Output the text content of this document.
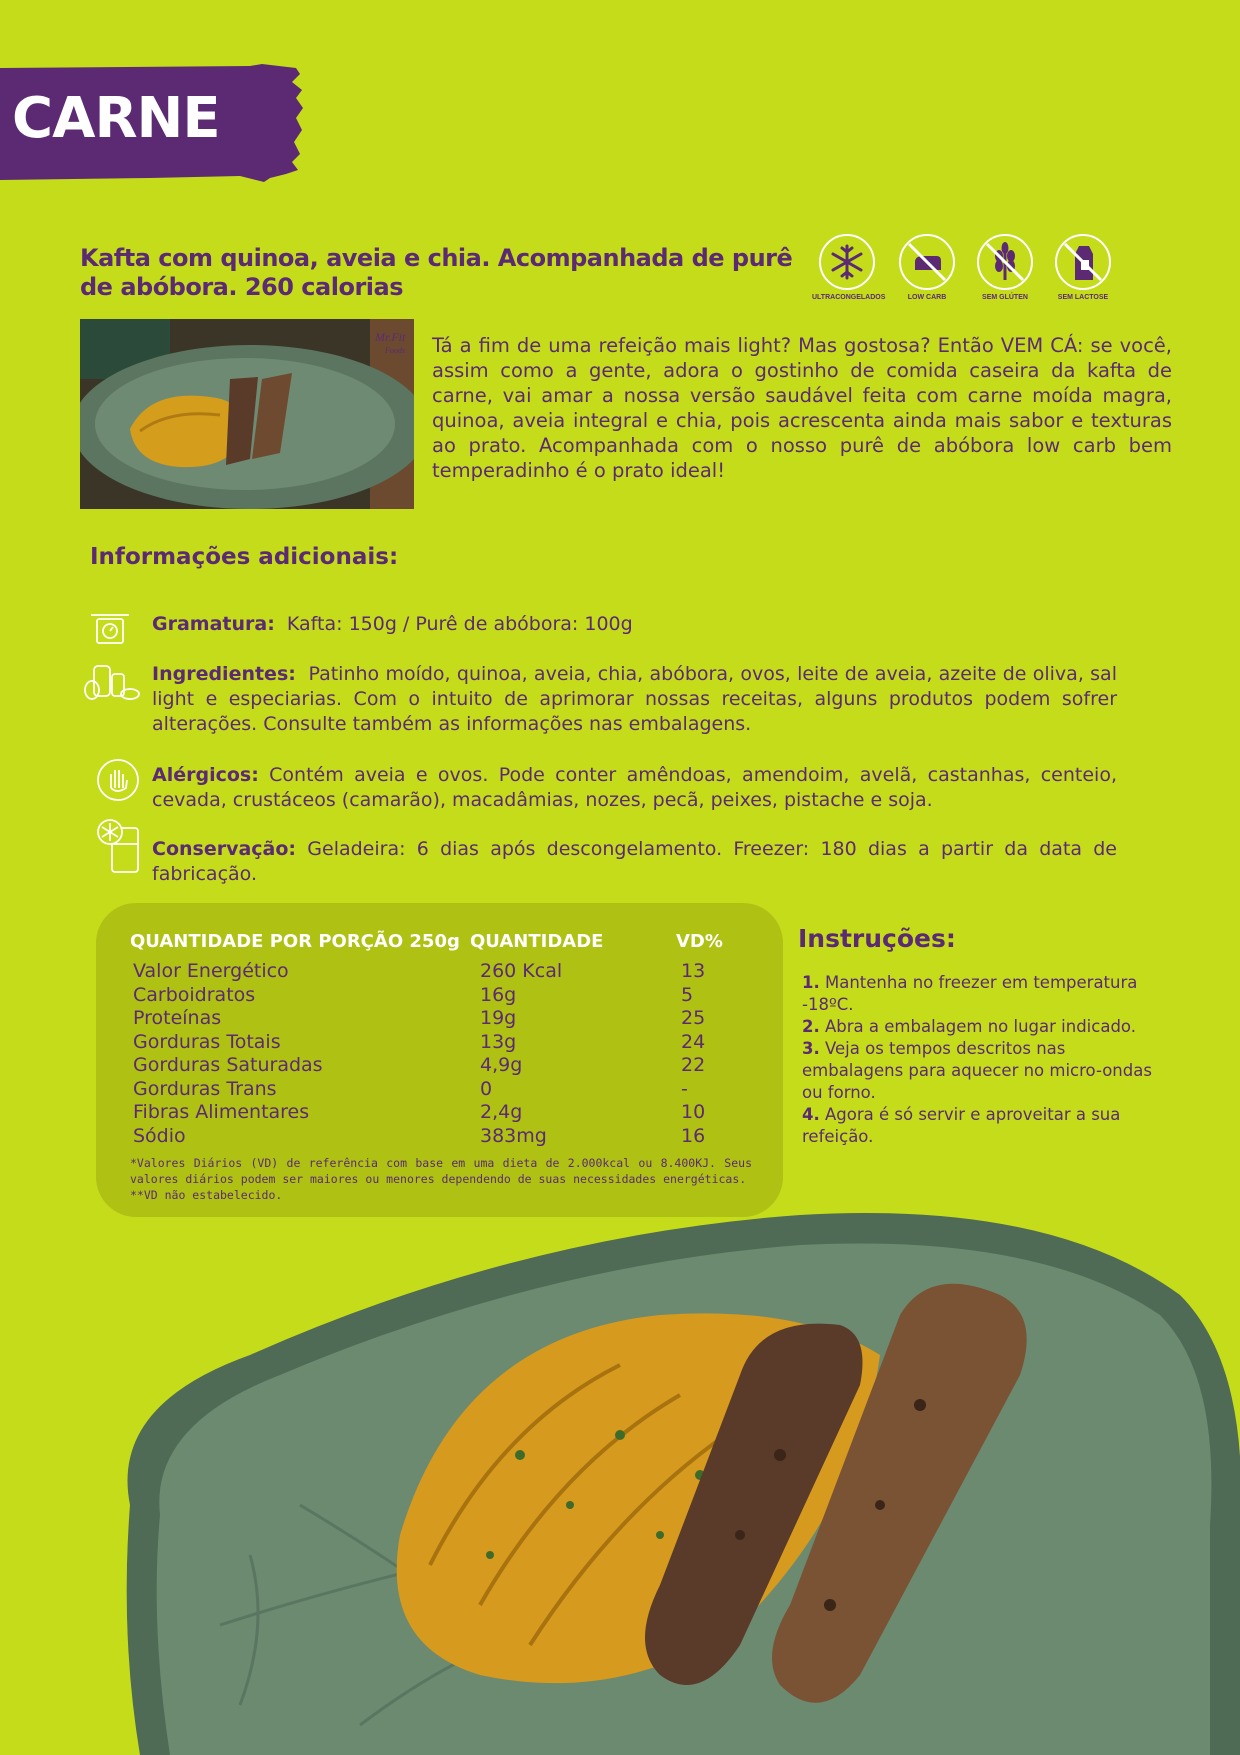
CARNE
Kafta com quinoa, aveia e chia. Acompanhada de purê de abóbora. 260 calorias	ULTRACONGELADOS	LOW CARB	SEM GLÚTEN	SEM LACTOSE
Mr.Fit
Foods Tá a fim de uma refeição mais light? Mas gostosa? Então VEM CÁ: se você, assim como a gente, adora o gostinho de comida caseira da kafta de carne, vai amar a nossa versão saudável feita com carne moída magra, quinoa, aveia integral e chia, pois acrescenta ainda mais sabor e texturas ao prato. Acompanhada com o nosso purê de abóbora low carb bem temperadinho é o prato ideal!
Informações adicionais:
Gramatura: Kafta: 150g / Purê de abóbora: 100g
Ingredientes: Patinho moído, quinoa, aveia, chia, abóbora, ovos, leite de aveia, azeite de oliva, sal light e especiarias. Com o intuito de aprimorar nossas receitas, alguns produtos podem sofrer alterações. Consulte também as informações nas embalagens.
Alérgicos: Contém aveia e ovos. Pode conter amêndoas, amendoim, avelã, castanhas, centeio, cevada, crustáceos (camarão), macadâmias, nozes, pecã, peixes, pistache e soja.
Conservação: Geladeira: 6 dias após descongelamento. Freezer: 180 dias a partir da data de fabricação.
QUANTIDADE POR PORÇÃO 250g QUANTIDADE	VD%
Valor Energético	260 Kcal	13
Carboidratos	16g	5
Proteínas	19g	25
Gorduras Totais	13g	24
Gorduras Saturadas	4,9g	22
Gorduras Trans	0	-
Fibras Alimentares	2,4g	10
Sódio	383mg	16
*Valores Diários (VD) de referência com base em uma dieta de 2.000kcal ou 8.400KJ. Seus valores diários podem ser maiores ou menores dependendo de suas necessidades energéticas.
**VD não estabelecido.
Instruções:
1. Mantenha no freezer em temperatura -18ºC.
2. Abra a embalagem no lugar indicado.
3. Veja os tempos descritos nas embalagens para aquecer no micro-ondas ou forno.
4. Agora é só servir e aproveitar a sua refeição.
